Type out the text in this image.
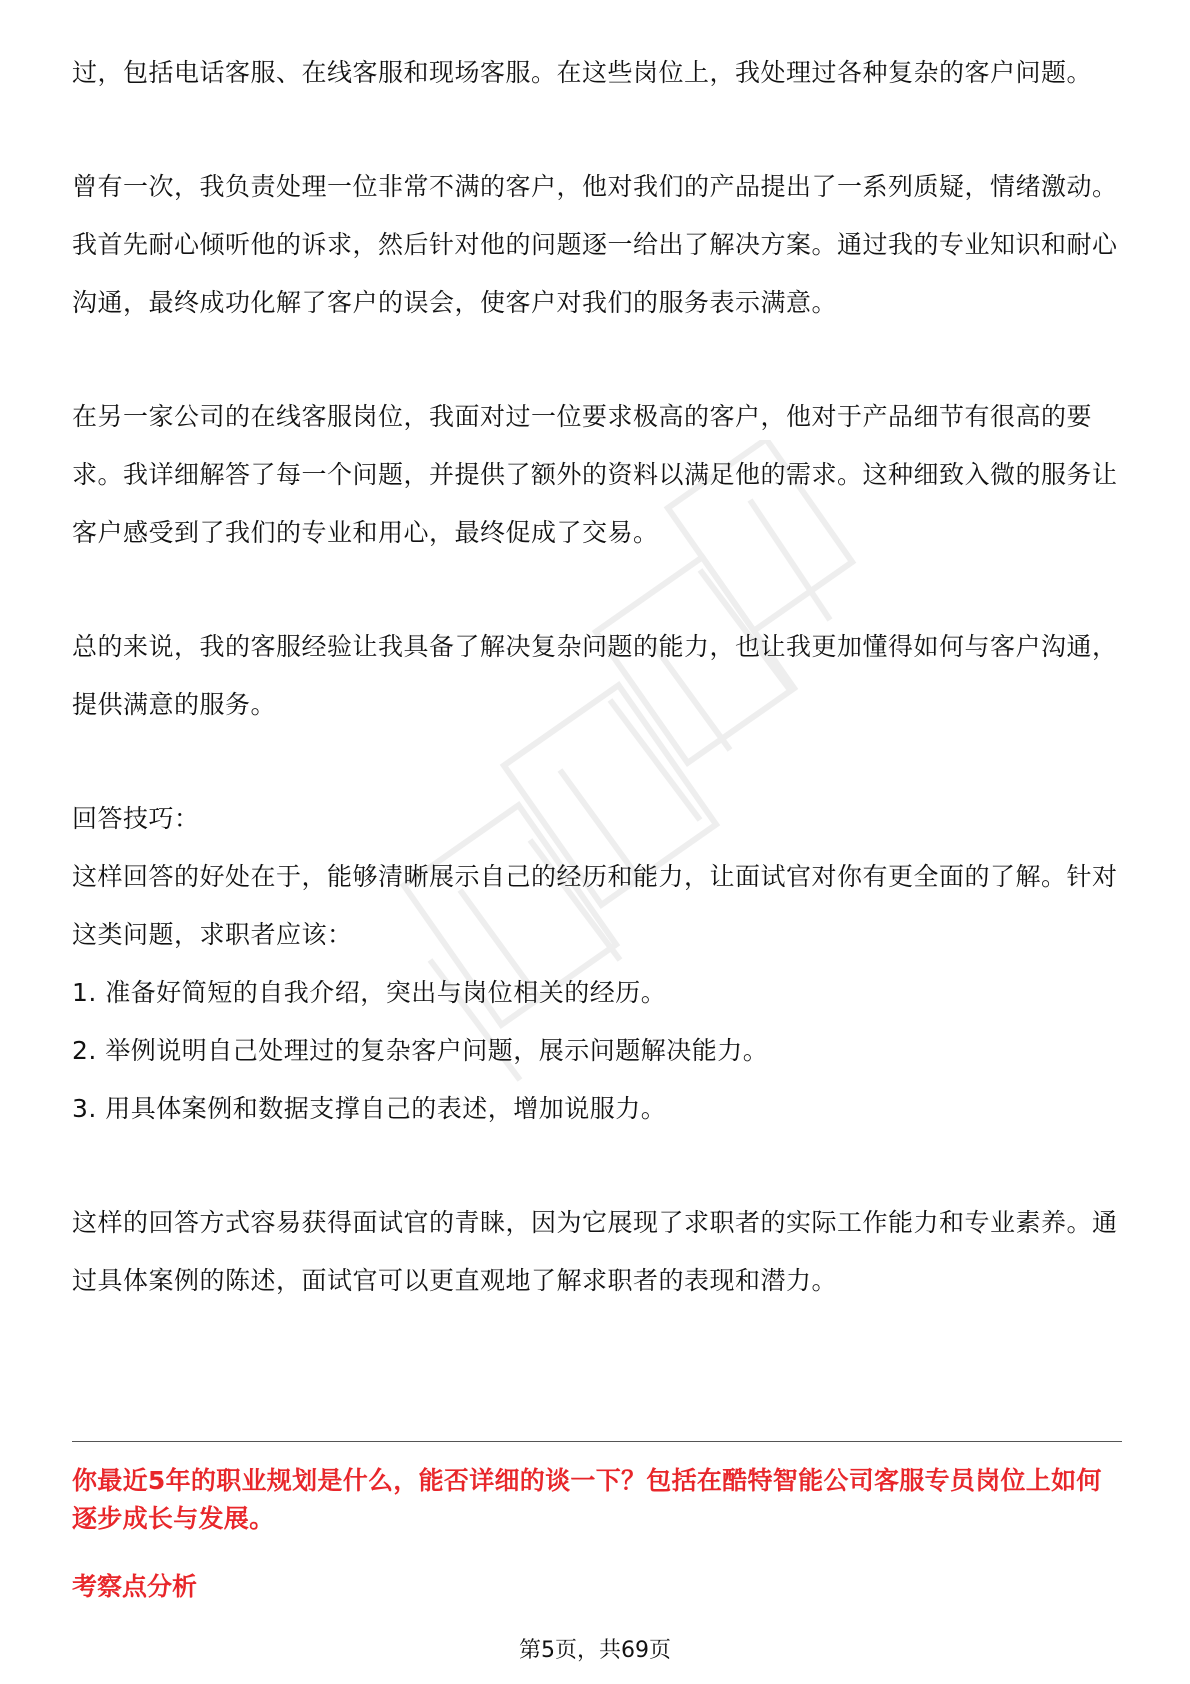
过，包括电话客服、在线客服和现场客服。在这些岗位上，我处理过各种复杂的客户问题。

曾有一次，我负责处理一位非常不满的客户，他对我们的产品提出了一系列质疑，情绪激动。我首先耐心倾听他的诉求，然后针对他的问题逐一给出了解决方案。通过我的专业知识和耐心沟通，最终成功化解了客户的误会，使客户对我们的服务表示满意。

在另一家公司的在线客服岗位，我面对过一位要求极高的客户，他对于产品细节有很高的要求。我详细解答了每一个问题，并提供了额外的资料以满足他的需求。这种细致入微的服务让客户感受到了我们的专业和用心，最终促成了交易。

总的来说，我的客服经验让我具备了解决复杂问题的能力，也让我更加懂得如何与客户沟通，提供满意的服务。

回答技巧：

这样回答的好处在于，能够清晰展示自己的经历和能力，让面试官对你有更全面的了解。针对这类问题，求职者应该：

1. 准备好简短的自我介绍，突出与岗位相关的经历。

2. 举例说明自己处理过的复杂客户问题，展示问题解决能力。

3. 用具体案例和数据支撑自己的表述，增加说服力。

这样的回答方式容易获得面试官的青睐，因为它展现了求职者的实际工作能力和专业素养。通过具体案例的陈述，面试官可以更直观地了解求职者的表现和潜力。

你最近5年的职业规划是什么，能否详细的谈一下？包括在酷特智能公司客服专员岗位上如何逐步成长与发展。

考察点分析

第5页，共69页
